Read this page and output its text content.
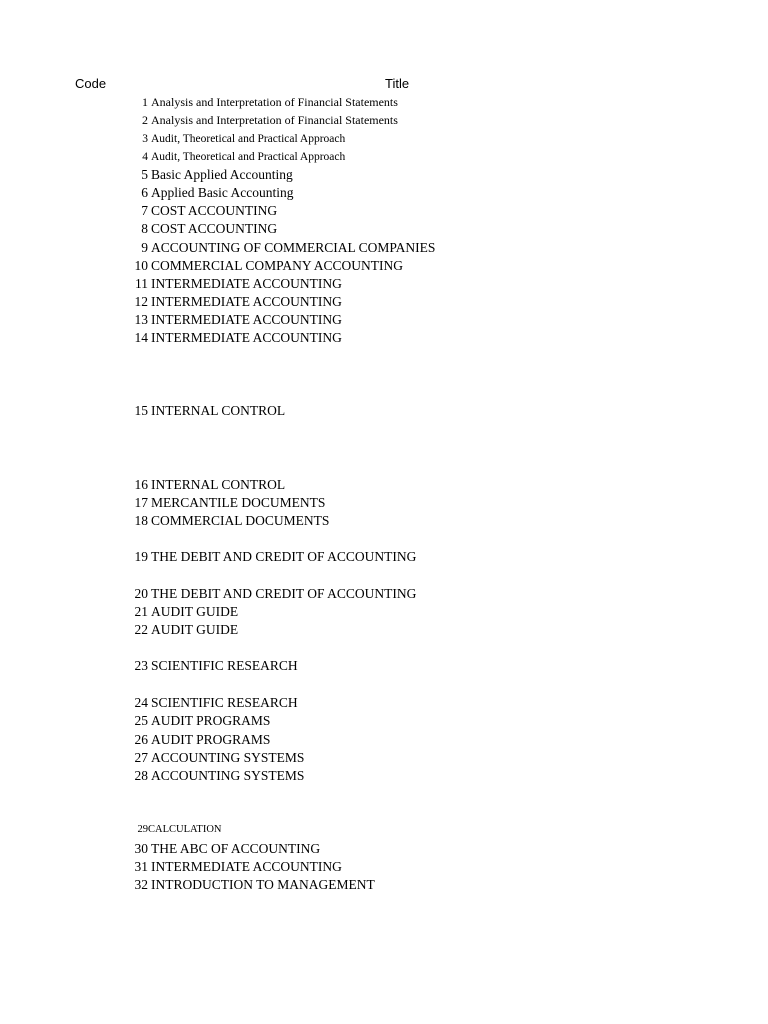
Code	Title
1 Analysis and Interpretation of Financial Statements
2 Analysis and Interpretation of Financial Statements
3 Audit, Theoretical and Practical Approach
4 Audit, Theoretical and Practical Approach
5 Basic Applied Accounting
6 Applied Basic Accounting
7 COST ACCOUNTING
8 COST ACCOUNTING
9 ACCOUNTING OF COMMERCIAL COMPANIES
10 COMMERCIAL COMPANY ACCOUNTING
11 INTERMEDIATE ACCOUNTING
12 INTERMEDIATE ACCOUNTING
13 INTERMEDIATE ACCOUNTING
14 INTERMEDIATE ACCOUNTING
15 INTERNAL CONTROL
16 INTERNAL CONTROL
17 MERCANTILE DOCUMENTS
18 COMMERCIAL DOCUMENTS
19 THE DEBIT AND CREDIT OF ACCOUNTING
20 THE DEBIT AND CREDIT OF ACCOUNTING
21 AUDIT GUIDE
22 AUDIT GUIDE
23 SCIENTIFIC RESEARCH
24 SCIENTIFIC RESEARCH
25 AUDIT PROGRAMS
26 AUDIT PROGRAMS
27 ACCOUNTING SYSTEMS
28 ACCOUNTING SYSTEMS
29 CALCULATION
30 THE ABC OF ACCOUNTING
31 INTERMEDIATE ACCOUNTING
32 INTRODUCTION TO MANAGEMENT
